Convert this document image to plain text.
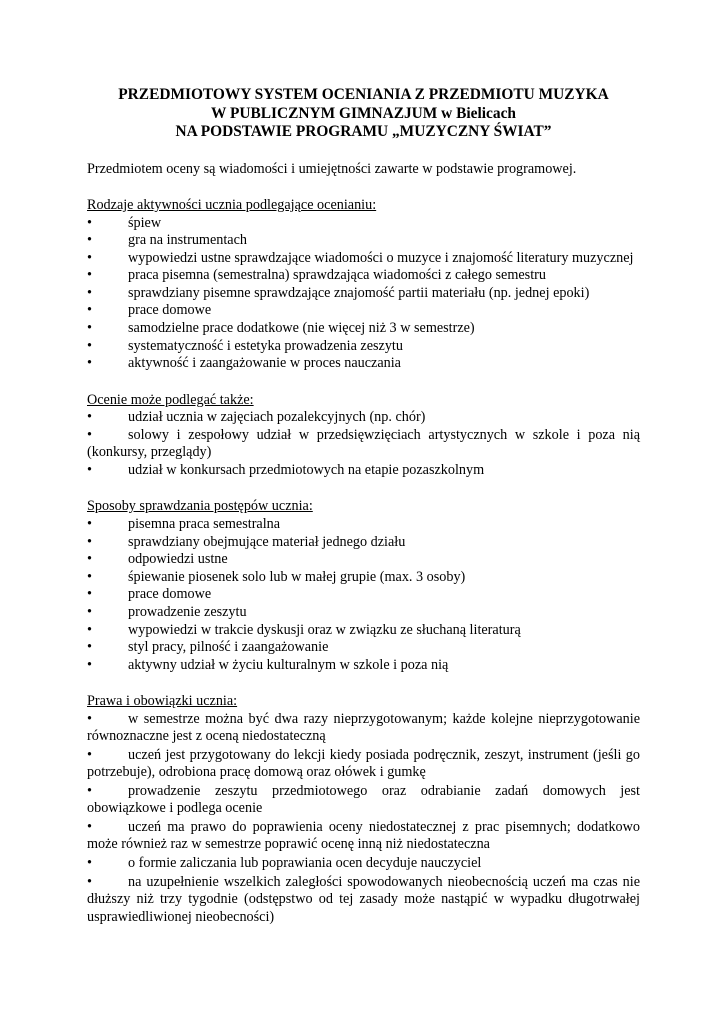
PRZEDMIOTOWY SYSTEM OCENIANIA Z PRZEDMIOTU MUZYKA
W PUBLICZNYM GIMNAZJUM w Bielicach
NA PODSTAWIE PROGRAMU „MUZYCZNY ŚWIAT”

Przedmiotem oceny są wiadomości i umiejętności zawarte w podstawie programowej.

Rodzaje aktywności ucznia podlegające ocenianiu:
•	śpiew
•	gra na instrumentach
•	wypowiedzi ustne sprawdzające wiadomości o muzyce i znajomość literatury muzycznej
•	praca pisemna (semestralna) sprawdzająca wiadomości z całego semestru
•	sprawdziany pisemne sprawdzające znajomość partii materiału (np. jednej epoki)
•	prace domowe
•	samodzielne prace dodatkowe (nie więcej niż 3 w semestrze)
•	systematyczność i estetyka prowadzenia zeszytu
•	aktywność i zaangażowanie w proces nauczania
Ocenie może podlegać także:
•	udział ucznia w zajęciach pozalekcyjnych (np. chór)
•	solowy i zespołowy udział w przedsięwzięciach artystycznych w szkole i poza nią (konkursy, przeglądy)
•	udział w konkursach przedmiotowych na etapie pozaszkolnym
Sposoby sprawdzania postępów ucznia:
•	pisemna praca semestralna
•	sprawdziany obejmujące materiał jednego działu
•	odpowiedzi ustne
•	śpiewanie piosenek solo lub w małej grupie (max. 3 osoby)
•	prace domowe
•	prowadzenie zeszytu
•	wypowiedzi w trakcie dyskusji oraz w związku ze słuchaną literaturą
•	styl pracy, pilność i zaangażowanie
•	aktywny udział w życiu kulturalnym w szkole i poza nią
Prawa i obowiązki ucznia:
•	w semestrze można być dwa razy nieprzygotowanym; każde kolejne nieprzygotowanie równoznaczne jest z oceną niedostateczną
•	uczeń jest przygotowany do lekcji kiedy posiada podręcznik, zeszyt, instrument (jeśli go potrzebuje), odrobiona pracę domową oraz ołówek i gumkę
•	prowadzenie zeszytu przedmiotowego oraz odrabianie zadań domowych jest obowiązkowe i podlega ocenie
•	uczeń ma prawo do poprawienia oceny niedostatecznej z prac pisemnych; dodatkowo może również raz w semestrze poprawić ocenę inną niż niedostateczna
•	o formie zaliczania lub poprawiania ocen decyduje nauczyciel
•	na uzupełnienie wszelkich zaległości spowodowanych nieobecnością uczeń ma czas nie dłuższy niż trzy tygodnie (odstępstwo od tej zasady może nastąpić w wypadku długotrwałej usprawiedliwionej nieobecności)
